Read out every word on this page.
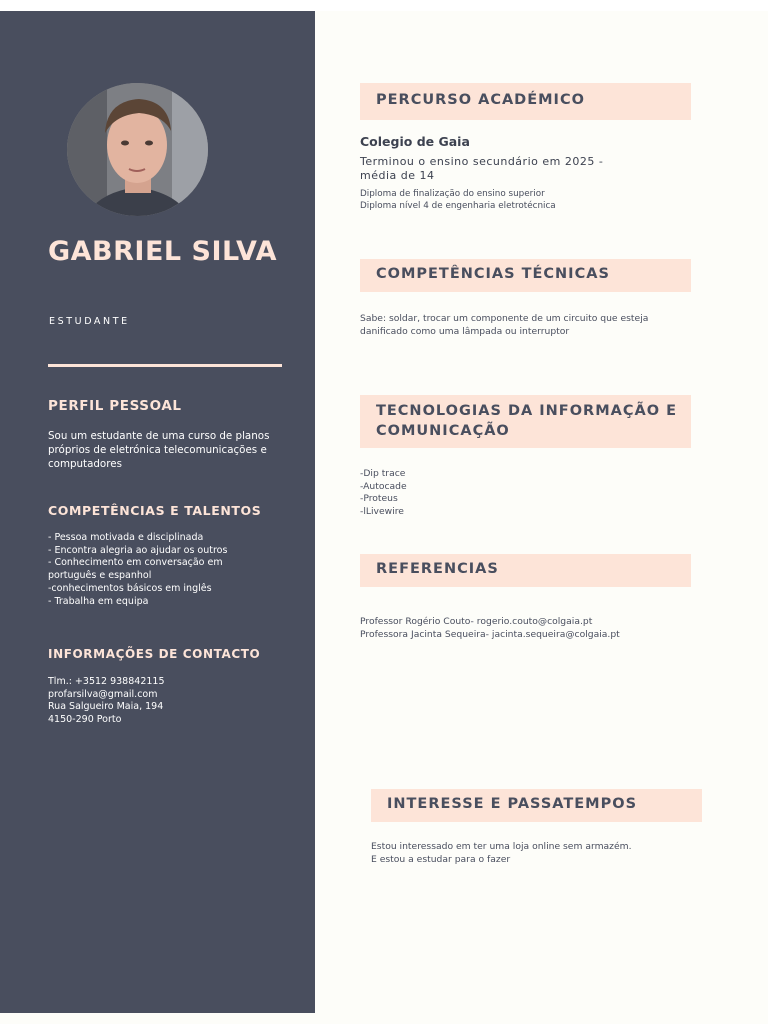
GABRIEL SILVA

ESTUDANTE

PERFIL PESSOAL
Sou um estudante de uma curso de planos
próprios de eletrónica telecomunicações e
computadores
COMPETÊNCIAS E TALENTOS
- Pessoa motivada e disciplinada
- Encontra alegria ao ajudar os outros
- Conhecimento em conversação em
português e espanhol
-conhecimentos básicos em inglês
- Trabalha em equipa
INFORMAÇÕES DE CONTACTO
Tlm.: +3512 938842115
profarsilva@gmail.com
Rua Salgueiro Maia, 194
4150-290 Porto
PERCURSO ACADÉMICO

Colegio de Gaia

Terminou o ensino secundário em 2025 -
média de 14
Diploma de finalização do ensino superior
Diploma nível 4 de engenharia eletrotécnica
COMPETÊNCIAS TÉCNICAS
Sabe: soldar, trocar um componente de um circuito que esteja
danificado como uma lâmpada ou interruptor
TECNOLOGIAS DA INFORMAÇÃO E
COMUNICAÇÃO
-Dip trace
-Autocade
-Proteus
-lLivewire
REFERENCIAS
Professor Rogério Couto- rogerio.couto@colgaia.pt
Professora Jacinta Sequeira- jacinta.sequeira@colgaia.pt
INTERESSE E PASSATEMPOS
Estou interessado em ter uma loja online sem armazém.
E estou a estudar para o fazer
